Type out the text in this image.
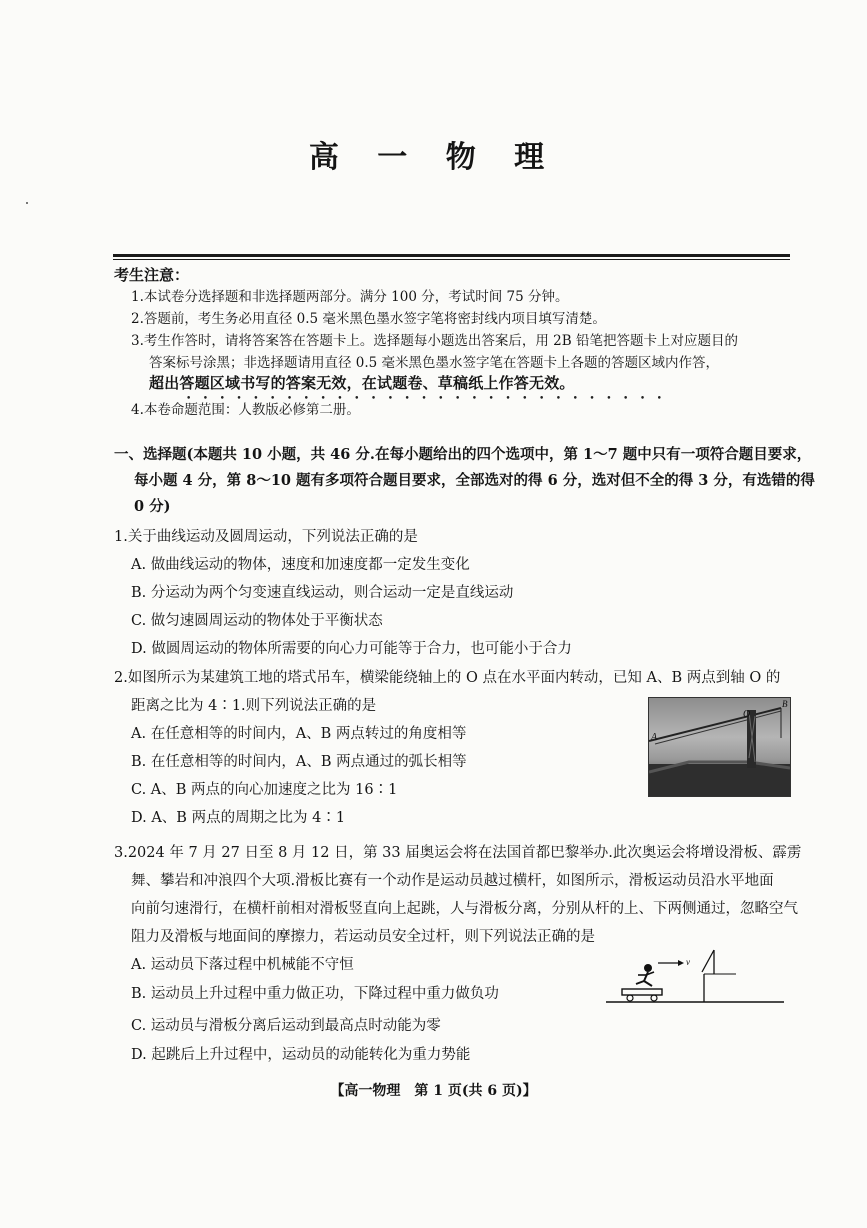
高 一 物 理
考生注意：
1.本试卷分选择题和非选择题两部分。满分 100 分，考试时间 75 分钟。
2.答题前，考生务必用直径 0.5 毫米黑色墨水签字笔将密封线内项目填写清楚。
3.考生作答时，请将答案答在答题卡上。选择题每小题选出答案后，用 2B 铅笔把答题卡上对应题目的
答案标号涂黑；非选择题请用直径 0.5 毫米黑色墨水签字笔在答题卡上各题的答题区域内作答，
超出答题区域书写的答案无效，在试题卷、草稿纸上作答无效。
•••••••••••••••••••••••••••••
4.本卷命题范围：人教版必修第二册。
一、选择题(本题共 10 小题，共 46 分.在每小题给出的四个选项中，第 1～7 题中只有一项符合题目要求，
每小题 4 分，第 8～10 题有多项符合题目要求，全部选对的得 6 分，选对但不全的得 3 分，有选错的得
0 分)
1.关于曲线运动及圆周运动，下列说法正确的是
A. 做曲线运动的物体，速度和加速度都一定发生变化
B. 分运动为两个匀变速直线运动，则合运动一定是直线运动
C. 做匀速圆周运动的物体处于平衡状态
D. 做圆周运动的物体所需要的向心力可能等于合力，也可能小于合力
2.如图所示为某建筑工地的塔式吊车，横梁能绕轴上的 O 点在水平面内转动，已知 A、B 两点到轴 O 的
距离之比为 4∶1.则下列说法正确的是
A. 在任意相等的时间内，A、B 两点转过的角度相等
B. 在任意相等的时间内，A、B 两点通过的弧长相等
C. A、B 两点的向心加速度之比为 16∶1
D. A、B 两点的周期之比为 4∶1
O
A
B
3.2024 年 7 月 27 日至 8 月 12 日，第 33 届奥运会将在法国首都巴黎举办.此次奥运会将增设滑板、霹雳
舞、攀岩和冲浪四个大项.滑板比赛有一个动作是运动员越过横杆，如图所示，滑板运动员沿水平地面
向前匀速滑行，在横杆前相对滑板竖直向上起跳，人与滑板分离，分别从杆的上、下两侧通过，忽略空气
阻力及滑板与地面间的摩擦力，若运动员安全过杆，则下列说法正确的是
A. 运动员下落过程中机械能不守恒
B. 运动员上升过程中重力做正功，下降过程中重力做负功
C. 运动员与滑板分离后运动到最高点时动能为零
D. 起跳后上升过程中，运动员的动能转化为重力势能
v
【高一物理　第 1 页(共 6 页)】
